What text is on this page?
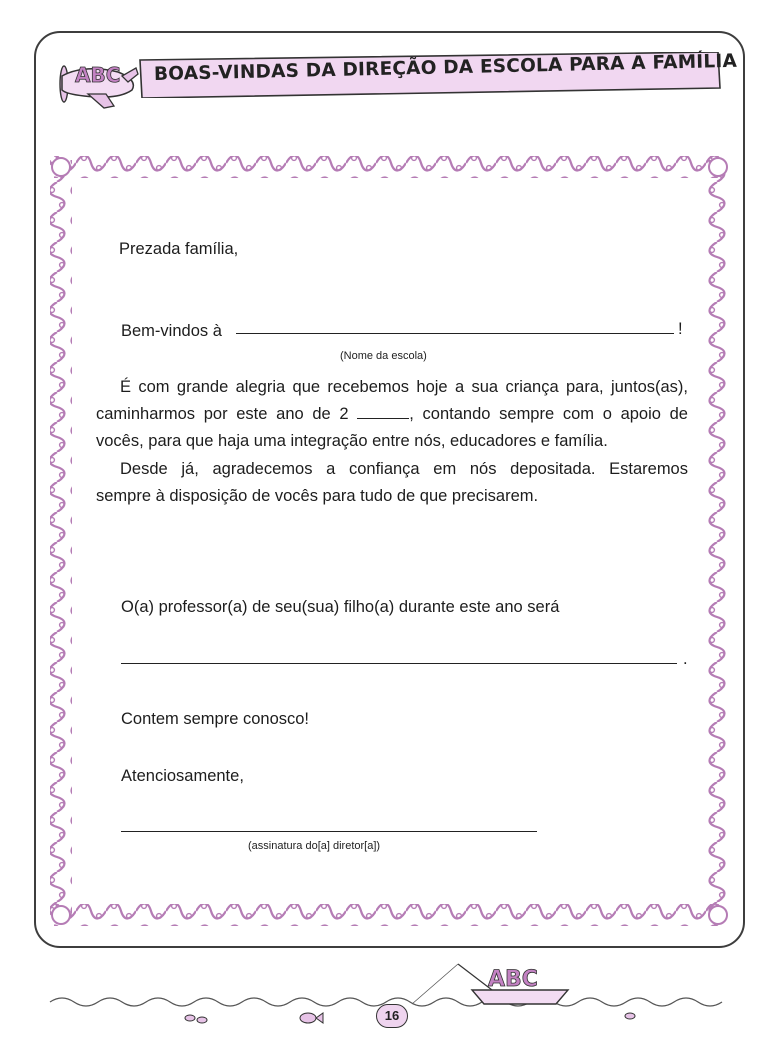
ABC BOAS-VINDAS DA DIREÇÃO DA ESCOLA PARA A FAMÍLIA
Prezada família,
Bem-vindos à	!
(Nome da escola)
É com grande alegria que recebemos hoje a sua criança para, juntos(as),
caminharmos por este ano de 2	, contando sempre com o apoio de
vocês, para que haja uma integração entre nós, educadores e família.
Desde já, agradecemos a confiança em nós depositada. Estaremos
sempre à disposição de vocês para tudo de que precisarem.
O(a) professor(a) de seu(sua) filho(a) durante este ano será
.
Contem sempre conosco!
Atenciosamente,
(assinatura do[a] diretor[a])
ABC
16
